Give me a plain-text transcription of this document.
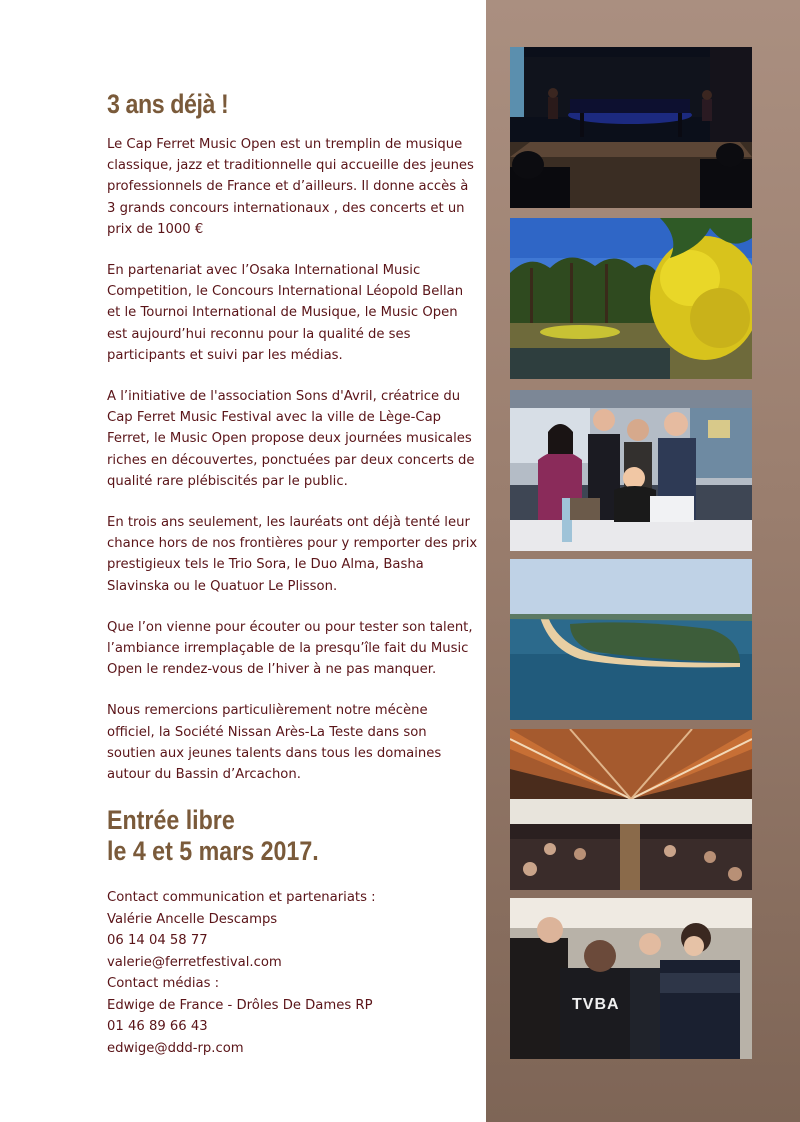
3 ans déjà !

Le Cap Ferret Music Open est un tremplin de musique classique, jazz et traditionnelle qui accueille des jeunes professionnels de France et d’ailleurs. Il donne accès à 3 grands concours internationaux , des concerts et un prix de 1000 €

En partenariat avec l’Osaka International Music Competition, le Concours International Léopold Bellan et le Tournoi International de Musique, le Music Open est aujourd’hui reconnu pour la qualité de ses participants et suivi par les médias.

A l’initiative de l'association Sons d'Avril, créatrice du Cap Ferret Music Festival avec la ville de Lège-Cap Ferret, le Music Open propose deux journées musicales riches en découvertes, ponctuées par deux concerts de qualité rare plébiscités par le public.

En trois ans seulement, les lauréats ont déjà tenté leur chance hors de nos frontières pour y remporter des prix prestigieux tels le Trio Sora, le Duo Alma, Basha Slavinska ou le Quatuor Le Plisson.

Que l’on vienne pour écouter ou pour tester son talent, l’ambiance irremplaçable de la presqu’île fait du Music Open le rendez-vous de l’hiver à ne pas manquer.

Nous remercions particulièrement notre mécène officiel, la Société Nissan Arès-La Teste dans son soutien aux jeunes talents dans tous les domaines autour du Bassin d’Arcachon.

Entrée libre
le 4 et 5 mars 2017.
Contact communication et partenariats :
Valérie Ancelle Descamps
06 14 04 58 77
valerie@ferretfestival.com
Contact médias :
Edwige de France - Drôles De Dames RP
01 46 89 66 43
edwige@ddd-rp.com
TVBA
